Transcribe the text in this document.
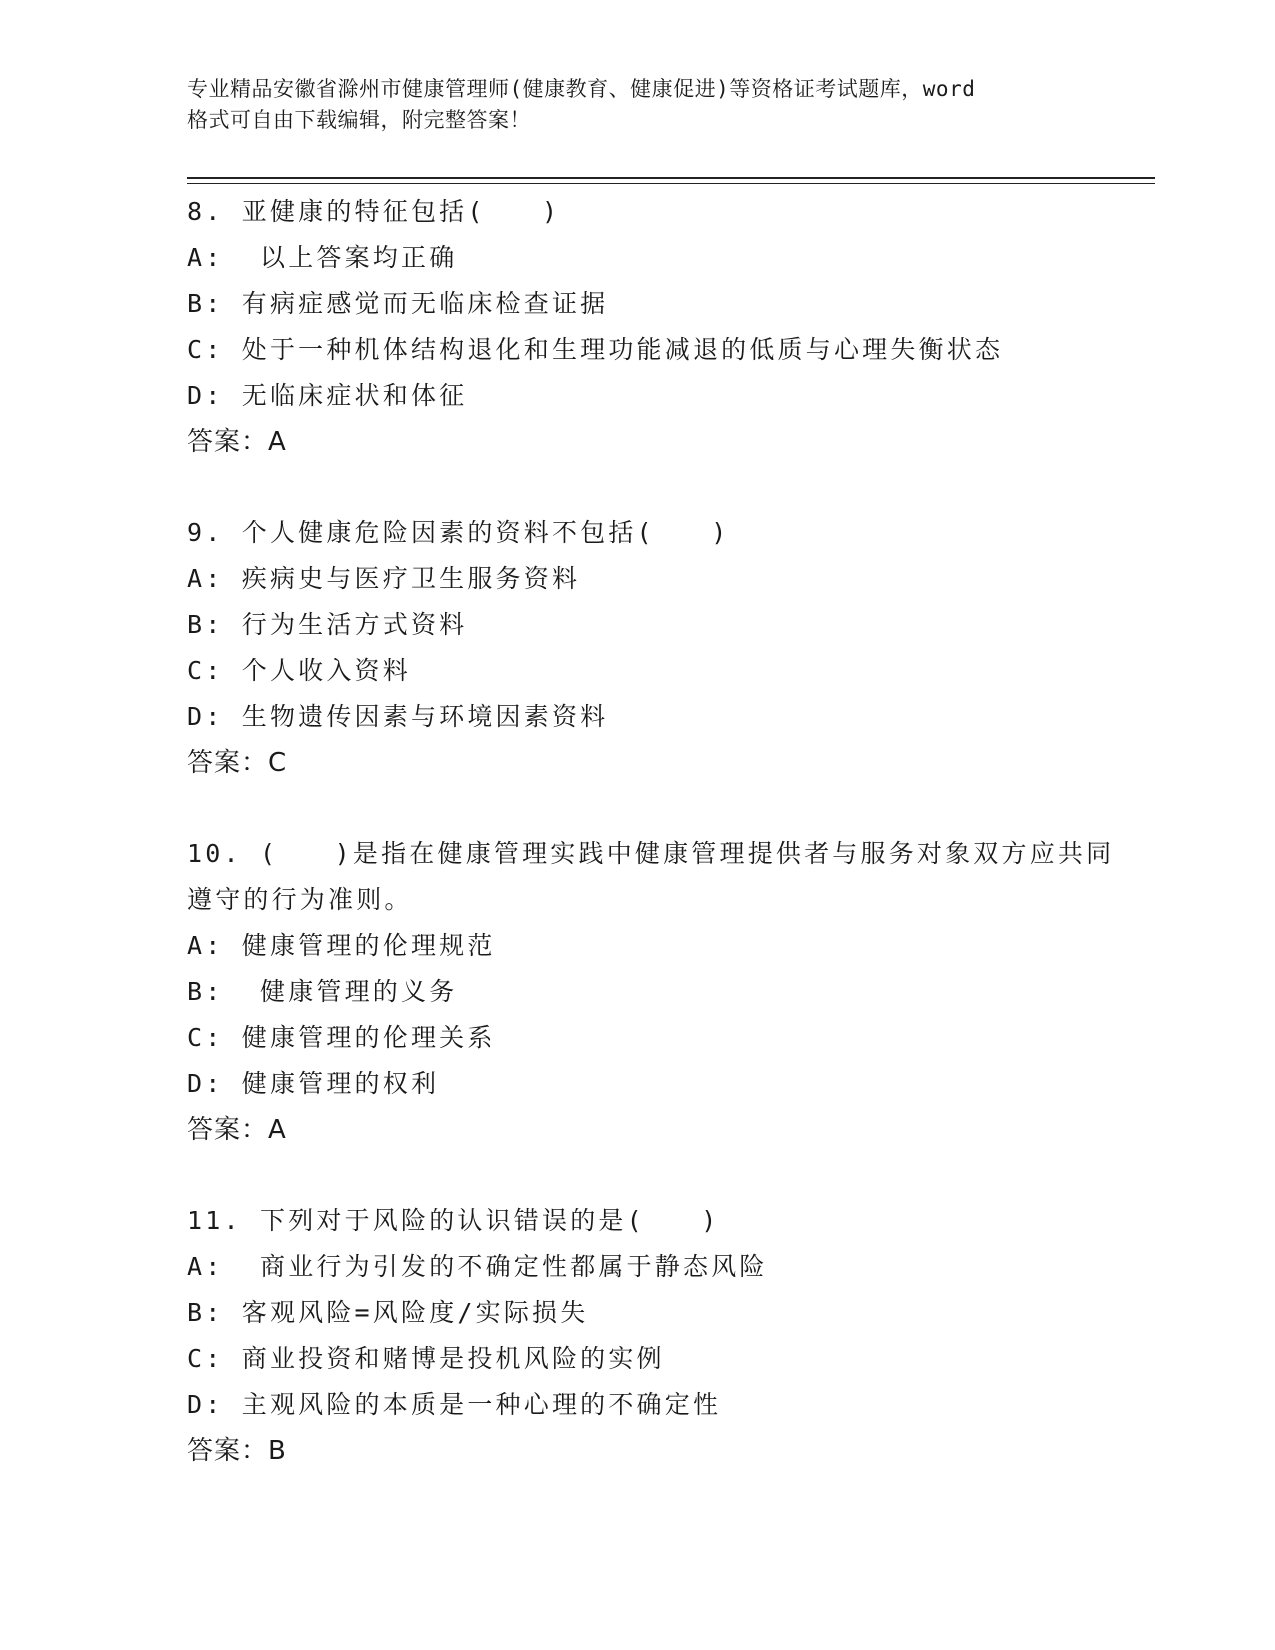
专业精品安徽省滁州市健康管理师(健康教育、健康促进)等资格证考试题库，word
格式可自由下载编辑，附完整答案！
8. 亚健康的特征包括(　　)
A:  以上答案均正确
B: 有病症感觉而无临床检查证据
C: 处于一种机体结构退化和生理功能减退的低质与心理失衡状态
D: 无临床症状和体征
答案：A
9. 个人健康危险因素的资料不包括(　　)
A: 疾病史与医疗卫生服务资料
B: 行为生活方式资料
C: 个人收入资料
D: 生物遗传因素与环境因素资料
答案：C
10. (　　)是指在健康管理实践中健康管理提供者与服务对象双方应共同遵守的行为准则。
A: 健康管理的伦理规范
B:  健康管理的义务
C: 健康管理的伦理关系
D: 健康管理的权利
答案：A
11. 下列对于风险的认识错误的是(　　)
A:  商业行为引发的不确定性都属于静态风险
B: 客观风险=风险度/实际损失
C: 商业投资和赌博是投机风险的实例
D: 主观风险的本质是一种心理的不确定性
答案：B
